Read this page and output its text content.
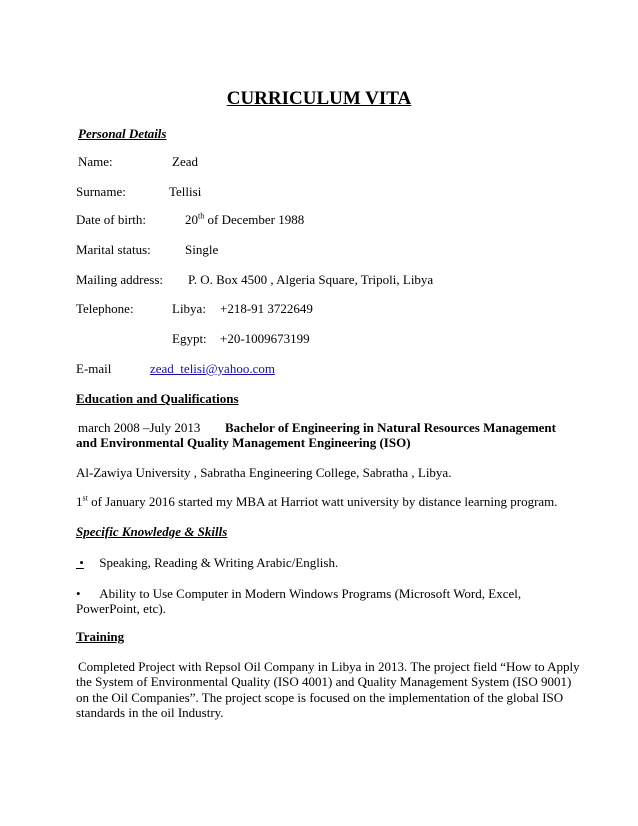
CURRICULUM VITA
Personal Details
Name:	Zead
Surname:	Tellisi
Date of birth:	20th of December 1988
Marital status:	Single
Mailing address: P. O. Box 4500 , Algeria Square, Tripoli, Libya
Telephone:	Libya: +218-91 3722649
Egypt: +20-1009673199
E-mail	zead_telisi@yahoo.com
Education and Qualifications
march 2008 –July 2013 Bachelor of Engineering in Natural Resources Management
and Environmental Quality Management Engineering (ISO)
Al-Zawiya University , Sabratha Engineering College, Sabratha , Libya.
1st of January 2016 started my MBA at Harriot watt university by distance learning program.
Specific Knowledge & Skills
• Speaking, Reading & Writing Arabic/English.
• Ability to Use Computer in Modern Windows Programs (Microsoft Word, Excel,
PowerPoint, etc).
Training
Completed Project with Repsol Oil Company in Libya in 2013. The project field “How to Apply
the System of Environmental Quality (ISO 4001) and Quality Management System (ISO 9001)
on the Oil Companies”. The project scope is focused on the implementation of the global ISO
standards in the oil Industry.
